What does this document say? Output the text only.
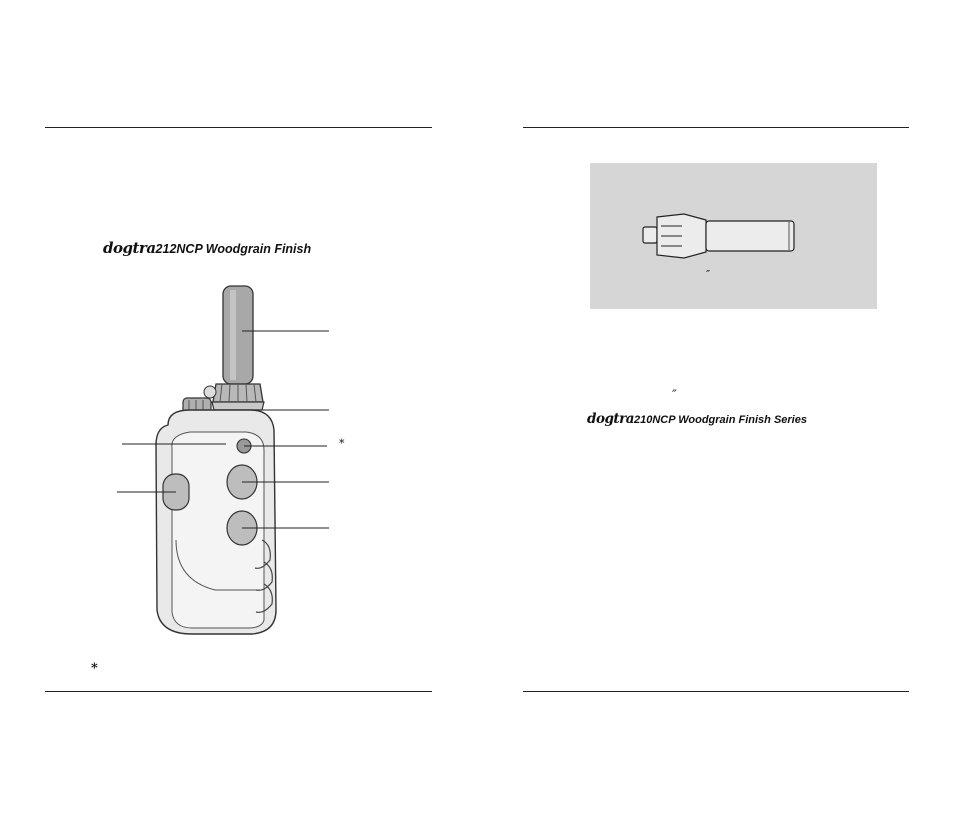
dogtra212NCP Woodgrain Finish
*
*
″
″
dogtra210NCP Woodgrain Finish Series
